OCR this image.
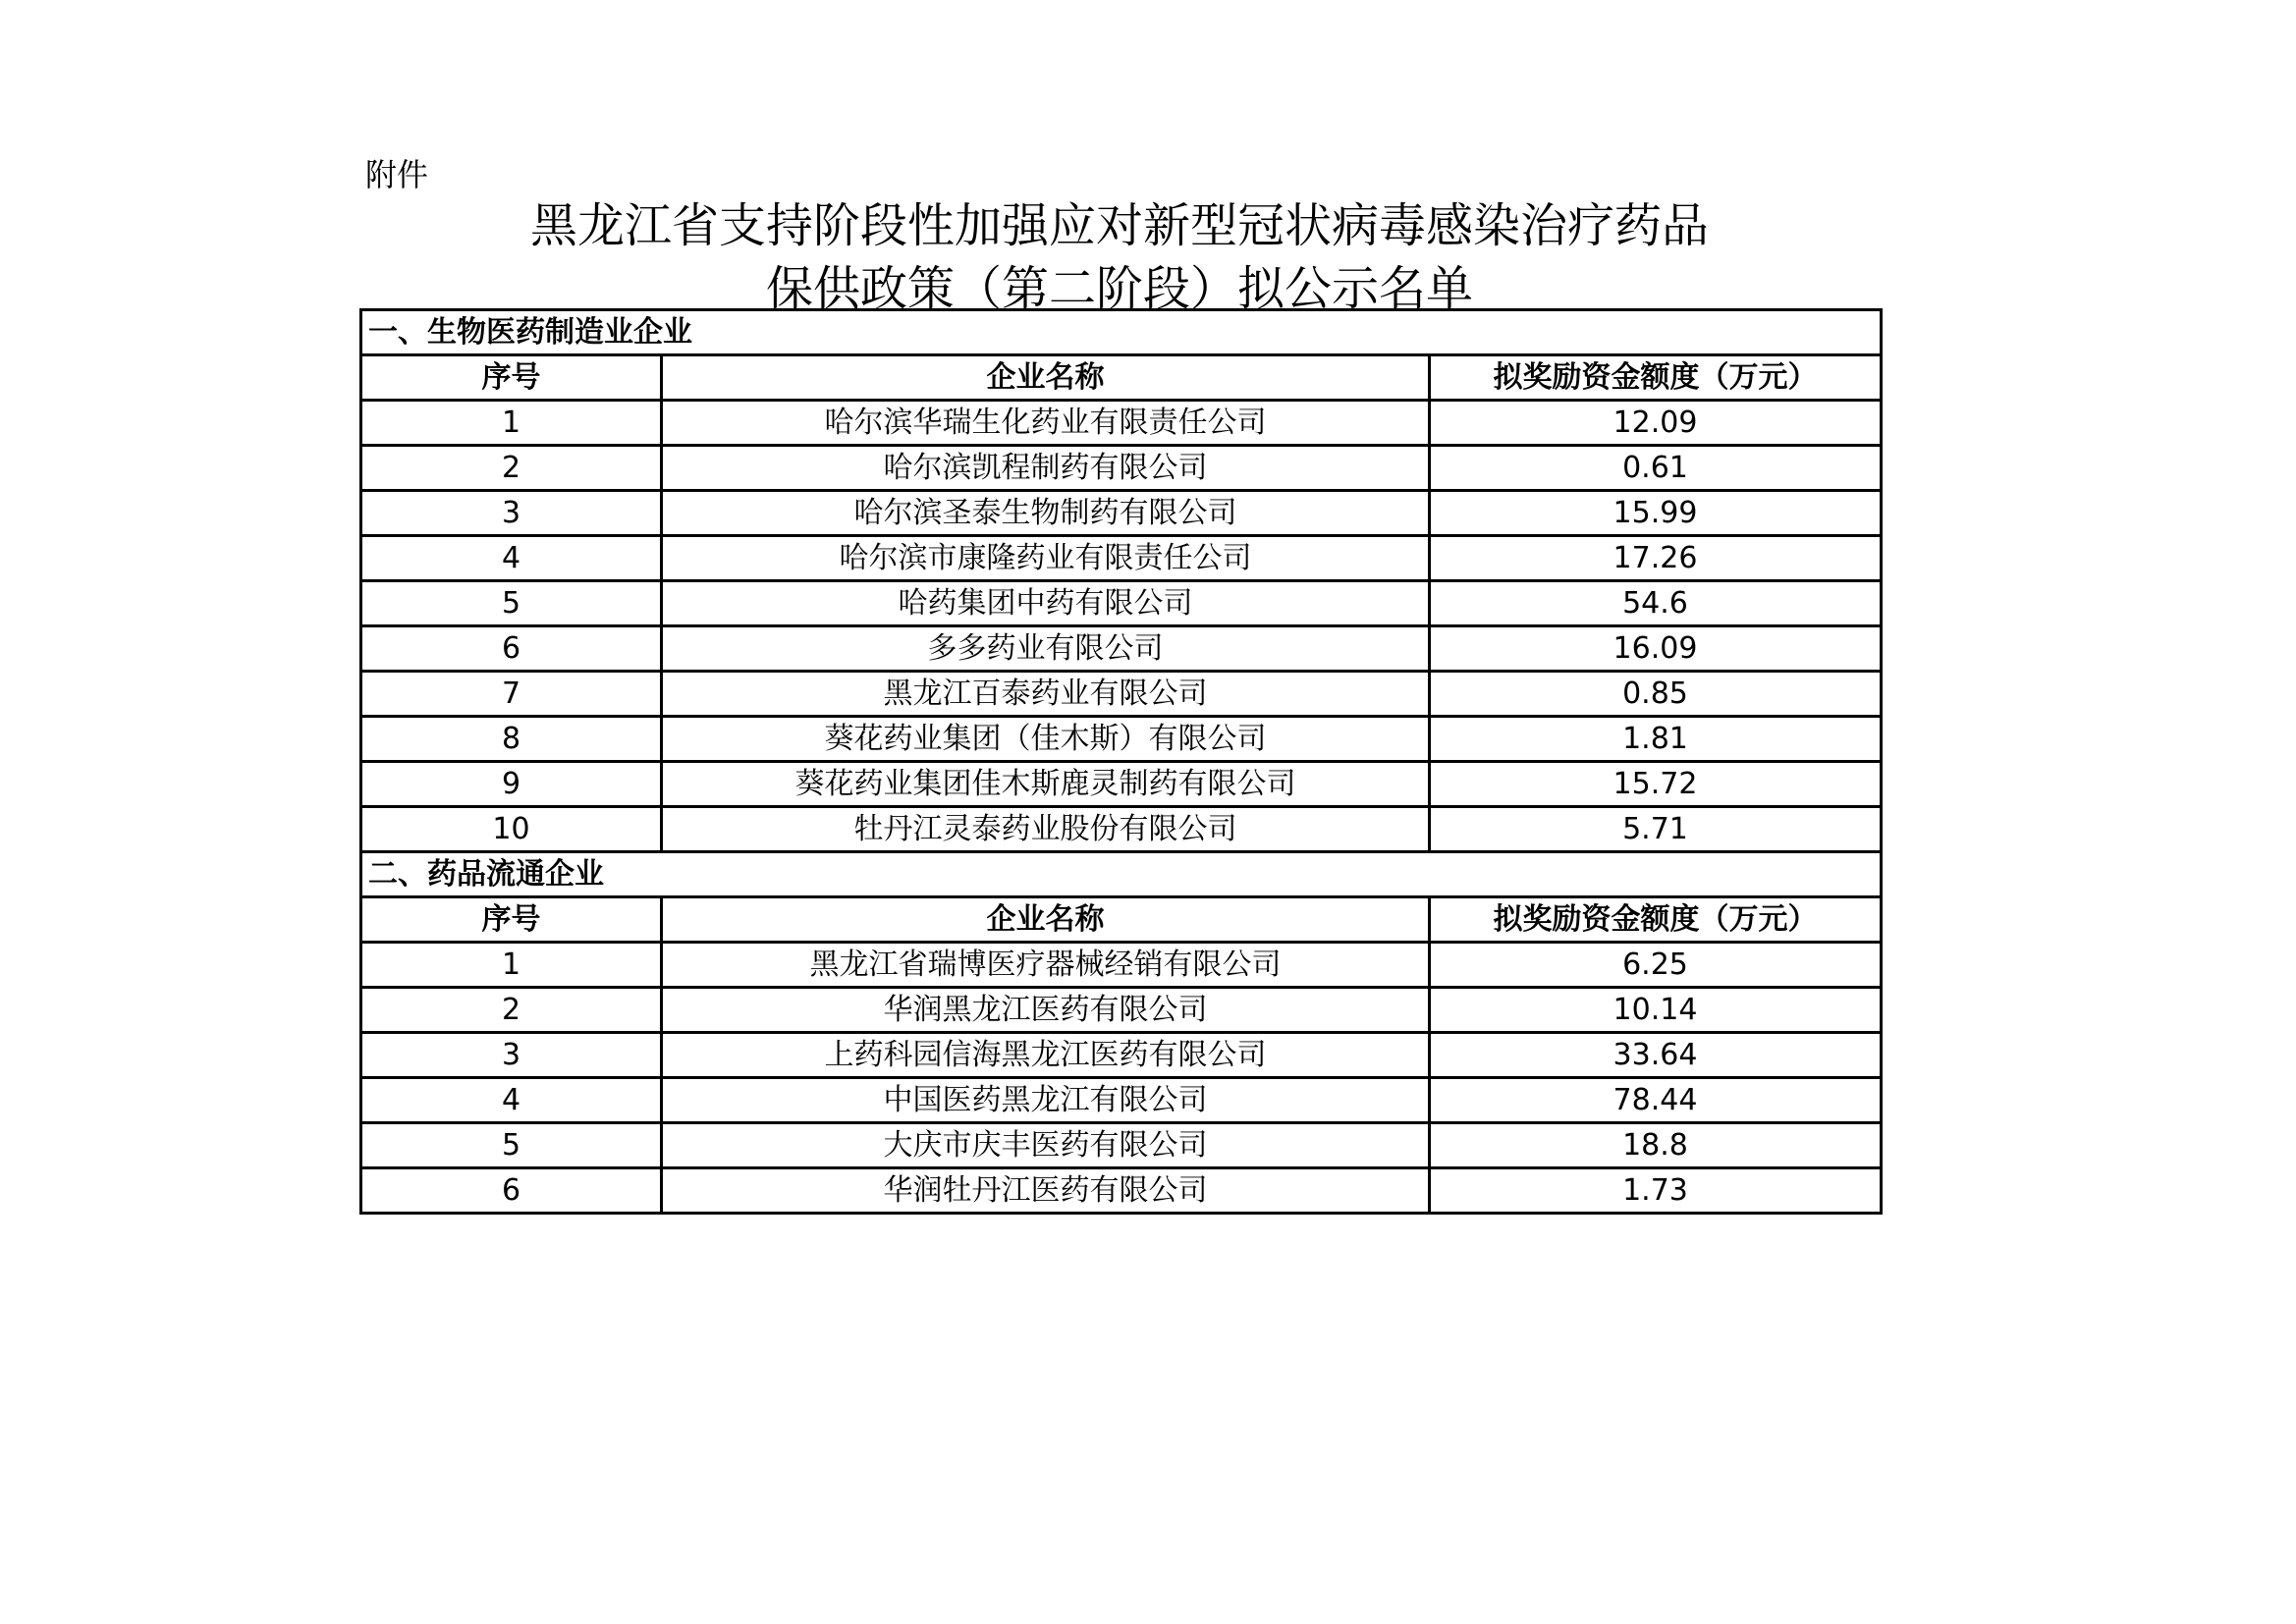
附件
黑龙江省支持阶段性加强应对新型冠状病毒感染治疗药品
保供政策（第二阶段）拟公示名单
一、生物医药制造业企业		
序号	企业名称	拟奖励资金额度（万元）
1	哈尔滨华瑞生化药业有限责任公司	12.09
2	哈尔滨凯程制药有限公司	0.61
3	哈尔滨圣泰生物制药有限公司	15.99
4	哈尔滨市康隆药业有限责任公司	17.26
5	哈药集团中药有限公司	54.6
6	多多药业有限公司	16.09
7	黑龙江百泰药业有限公司	0.85
8	葵花药业集团（佳木斯）有限公司	1.81
9	葵花药业集团佳木斯鹿灵制药有限公司	15.72
10	牡丹江灵泰药业股份有限公司	5.71
二、药品流通企业		
序号	企业名称	拟奖励资金额度（万元）
1	黑龙江省瑞博医疗器械经销有限公司	6.25
2	华润黑龙江医药有限公司	10.14
3	上药科园信海黑龙江医药有限公司	33.64
4	中国医药黑龙江有限公司	78.44
5	大庆市庆丰医药有限公司	18.8
6	华润牡丹江医药有限公司	1.73
